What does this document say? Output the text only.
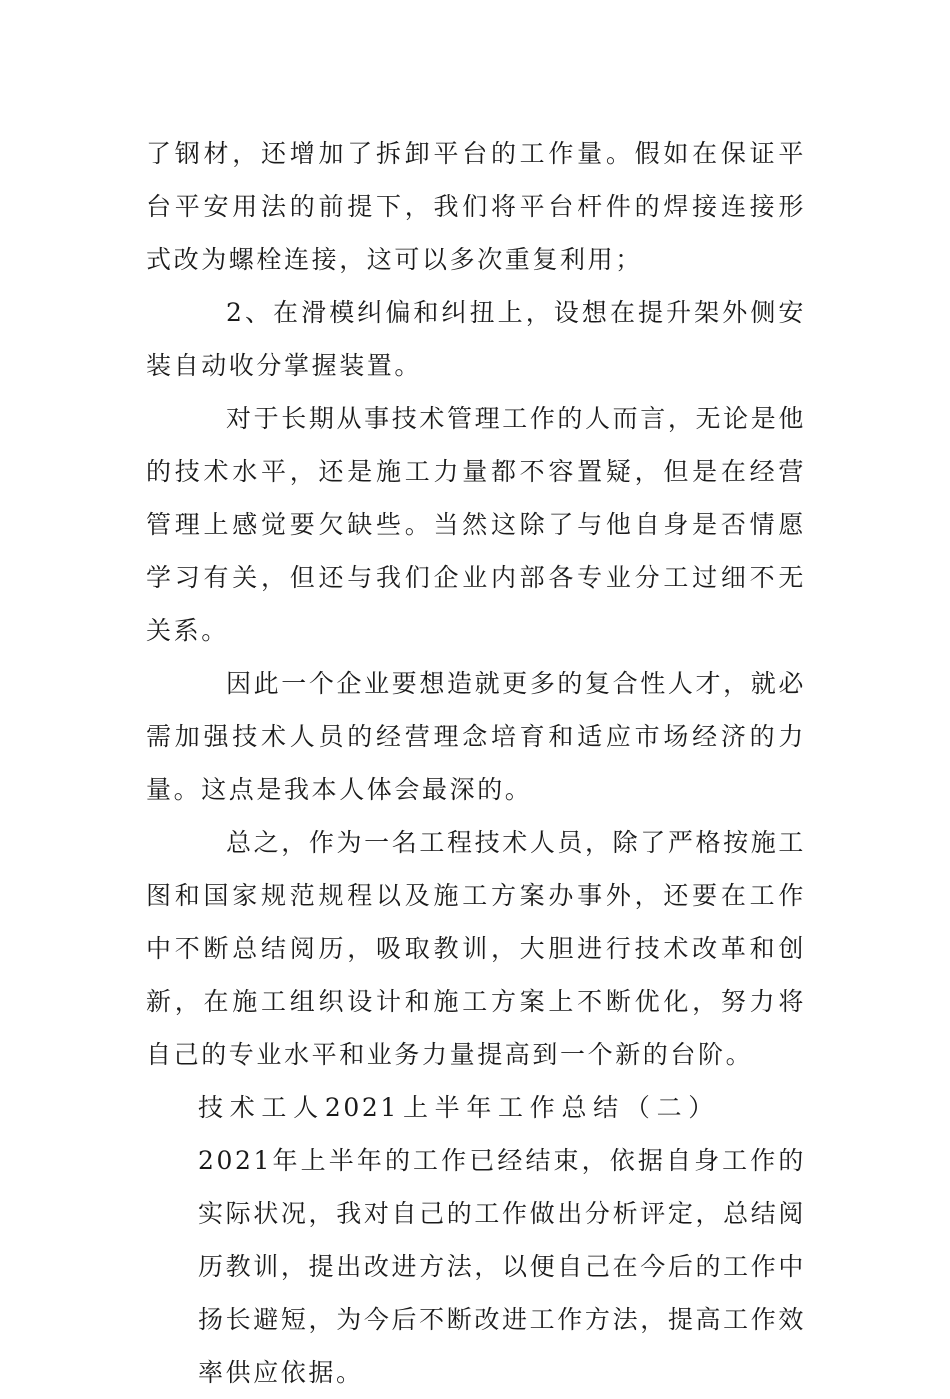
了钢材，还增加了拆卸平台的工作量。假如在保证平台平安用法的前提下，我们将平台杆件的焊接连接形式改为螺栓连接，这可以多次重复利用；

2、在滑模纠偏和纠扭上，设想在提升架外侧安装自动收分掌握装置。

对于长期从事技术管理工作的人而言，无论是他的技术水平，还是施工力量都不容置疑，但是在经营管理上感觉要欠缺些。当然这除了与他自身是否情愿学习有关，但还与我们企业内部各专业分工过细不无关系。

因此一个企业要想造就更多的复合性人才，就必需加强技术人员的经营理念培育和适应市场经济的力量。这点是我本人体会最深的。

总之，作为一名工程技术人员，除了严格按施工图和国家规范规程以及施工方案办事外，还要在工作中不断总结阅历，吸取教训，大胆进行技术改革和创新，在施工组织设计和施工方案上不断优化，努力将自己的专业水平和业务力量提高到一个新的台阶。

技术工人2021上半年工作总结（二）2021年上半年的工作已经结束，依据自身工作的实际状况，我对自己的工作做出分析评定，总结阅历教训，提出改进方法，以便自己在今后的工作中扬长避短，为今后不断改进工作方法，提高工作效率供应依据。
